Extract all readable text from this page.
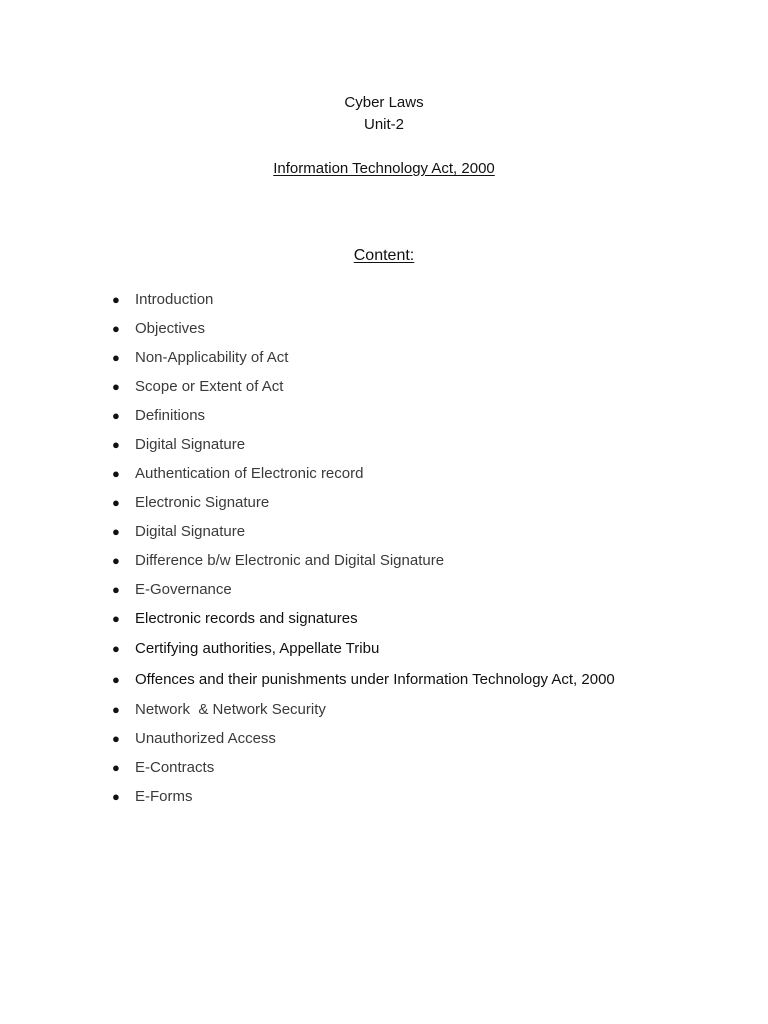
Cyber Laws
Unit-2
Information Technology Act, 2000
Content:
●	Introduction
●	Objectives
●	Non-Applicability of Act
●	Scope or Extent of Act
●	Definitions
●	Digital Signature
●	Authentication of Electronic record
●	Electronic Signature
●	Digital Signature
●	Difference b/w Electronic and Digital Signature
●	E-Governance
●	Electronic records and signatures
●	Certifying authorities, Appellate Tribu
●	Offences and their punishments under Information Technology Act, 2000
●	Network  & Network Security
●	Unauthorized Access
●	E-Contracts
●	E-Forms
